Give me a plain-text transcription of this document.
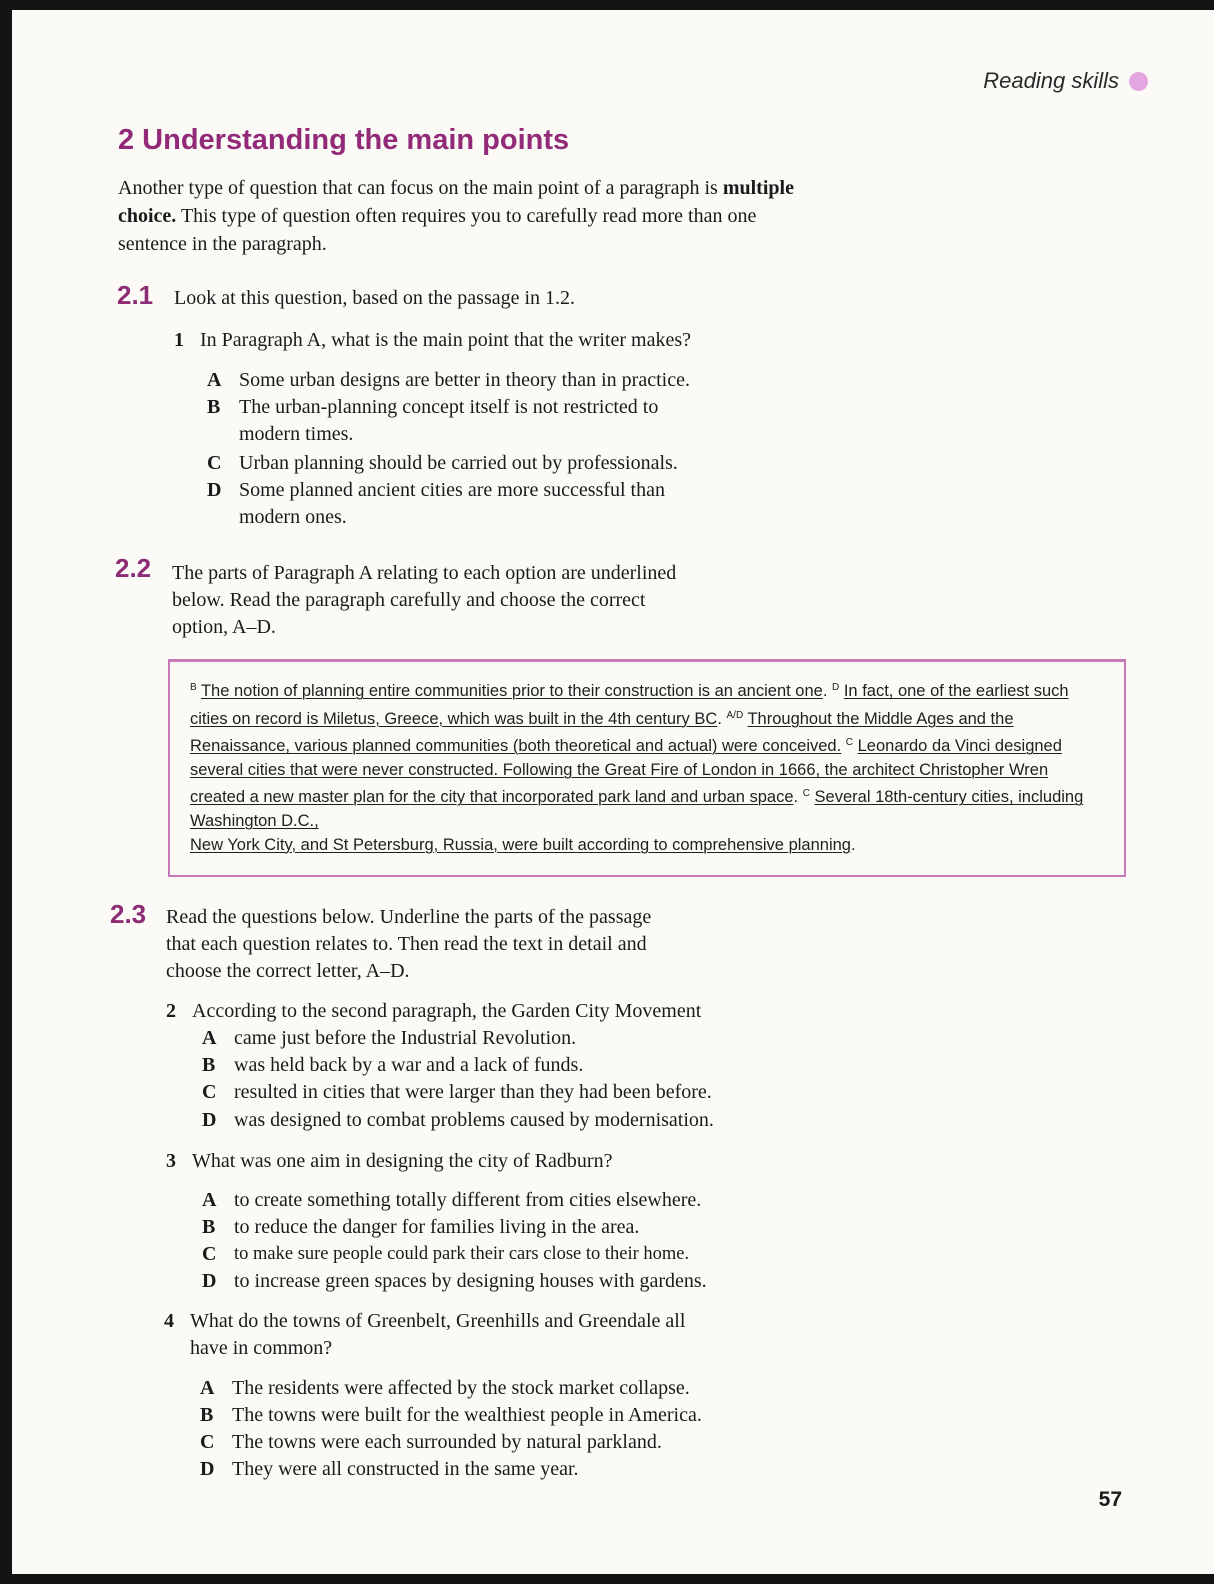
Reading skills
2 Understanding the main points

Another type of question that can focus on the main point of a paragraph is multiple choice. This type of question often requires you to carefully read more than one sentence in the paragraph.

2.1 Look at this question, based on the passage in 1.2.

1 In Paragraph A, what is the main point that the writer makes?

A Some urban designs are better in theory than in practice.
B The urban-planning concept itself is not restricted to
modern times.
C Urban planning should be carried out by professionals.
D Some planned ancient cities are more successful than
modern ones.
2.2 The parts of Paragraph A relating to each option are underlined
below. Read the paragraph carefully and choose the correct
option, A–D.

$^B$ The notion of planning entire communities prior to their construction is an ancient one. $^D$ In fact, one of the earliest such cities on record is Miletus, Greece, which was built in the 4th century BC. $^{A/D}$ Throughout the Middle Ages and the Renaissance, various planned communities (both theoretical and actual) were conceived. $^C$ Leonardo da Vinci designed several cities that were never constructed. Following the Great Fire of London in 1666, the architect Christopher Wren created a new master plan for the city that incorporated park land and urban space. $^C$ Several 18th-century cities, including Washington D.C.,
New York City, and St Petersburg, Russia, were built according to comprehensive planning.

2.3 Read the questions below. Underline the parts of the passage
that each question relates to. Then read the text in detail and
choose the correct letter, A–D.

2 According to the second paragraph, the Garden City Movement

A came just before the Industrial Revolution.
B was held back by a war and a lack of funds.
C resulted in cities that were larger than they had been before.
D was designed to combat problems caused by modernisation.

3 What was one aim in designing the city of Radburn?

A to create something totally different from cities elsewhere.
B to reduce the danger for families living in the area.
C to make sure people could park their cars close to their home.
D to increase green spaces by designing houses with gardens.

4 What do the towns of Greenbelt, Greenhills and Greendale all
have in common?

A The residents were affected by the stock market collapse.
B The towns were built for the wealthiest people in America.
C The towns were each surrounded by natural parkland.
D They were all constructed in the same year.
57
